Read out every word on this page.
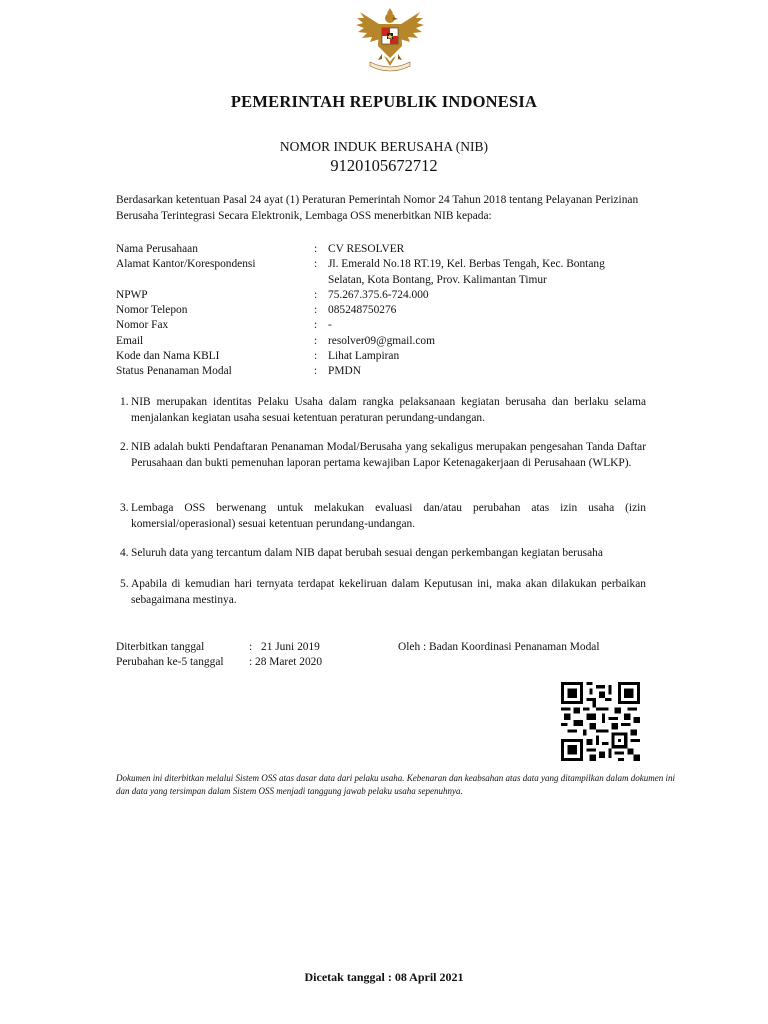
PEMERINTAH REPUBLIK INDONESIA
NOMOR INDUK BERUSAHA (NIB)
9120105672712
Berdasarkan ketentuan Pasal 24 ayat (1) Peraturan Pemerintah Nomor 24 Tahun 2018 tentang Pelayanan Perizinan Berusaha Terintegrasi Secara Elektronik, Lembaga OSS menerbitkan NIB kepada:
Nama Perusahaan	: CV RESOLVER
Alamat Kantor/Korespondensi	: Jl. Emerald No.18 RT.19, Kel. Berbas Tengah, Kec. Bontang Selatan, Kota Bontang, Prov. Kalimantan Timur
NPWP	: 75.267.375.6-724.000
Nomor Telepon	: 085248750276
Nomor Fax	: -
Email	: resolver09@gmail.com
Kode dan Nama KBLI	: Lihat Lampiran
Status Penanaman Modal	: PMDN
1. NIB merupakan identitas Pelaku Usaha dalam rangka pelaksanaan kegiatan berusaha dan berlaku selama menjalankan kegiatan usaha sesuai ketentuan peraturan perundang-undangan.
2. NIB adalah bukti Pendaftaran Penanaman Modal/Berusaha yang sekaligus merupakan pengesahan Tanda Daftar Perusahaan dan bukti pemenuhan laporan pertama kewajiban Lapor Ketenagakerjaan di Perusahaan (WLKP).
3. Lembaga OSS berwenang untuk melakukan evaluasi dan/atau perubahan atas izin usaha (izin komersial/operasional) sesuai ketentuan perundang-undangan.
4. Seluruh data yang tercantum dalam NIB dapat berubah sesuai dengan perkembangan kegiatan berusaha
5. Apabila di kemudian hari ternyata terdapat kekeliruan dalam Keputusan ini, maka akan dilakukan perbaikan sebagaimana mestinya.
Diterbitkan tanggal	: 21 Juni 2019	Oleh : Badan Koordinasi Penanaman Modal
Perubahan ke-5 tanggal : 28 Maret 2020
Dokumen ini diterbitkan melalui Sistem OSS atas dasar data dari pelaku usaha. Kebenaran dan keabsahan atas data yang ditampilkan dalam dokumen ini dan data yang tersimpan dalam Sistem OSS menjadi tanggung jawab pelaku usaha sepenuhnya.
Dicetak tanggal : 08 April 2021
